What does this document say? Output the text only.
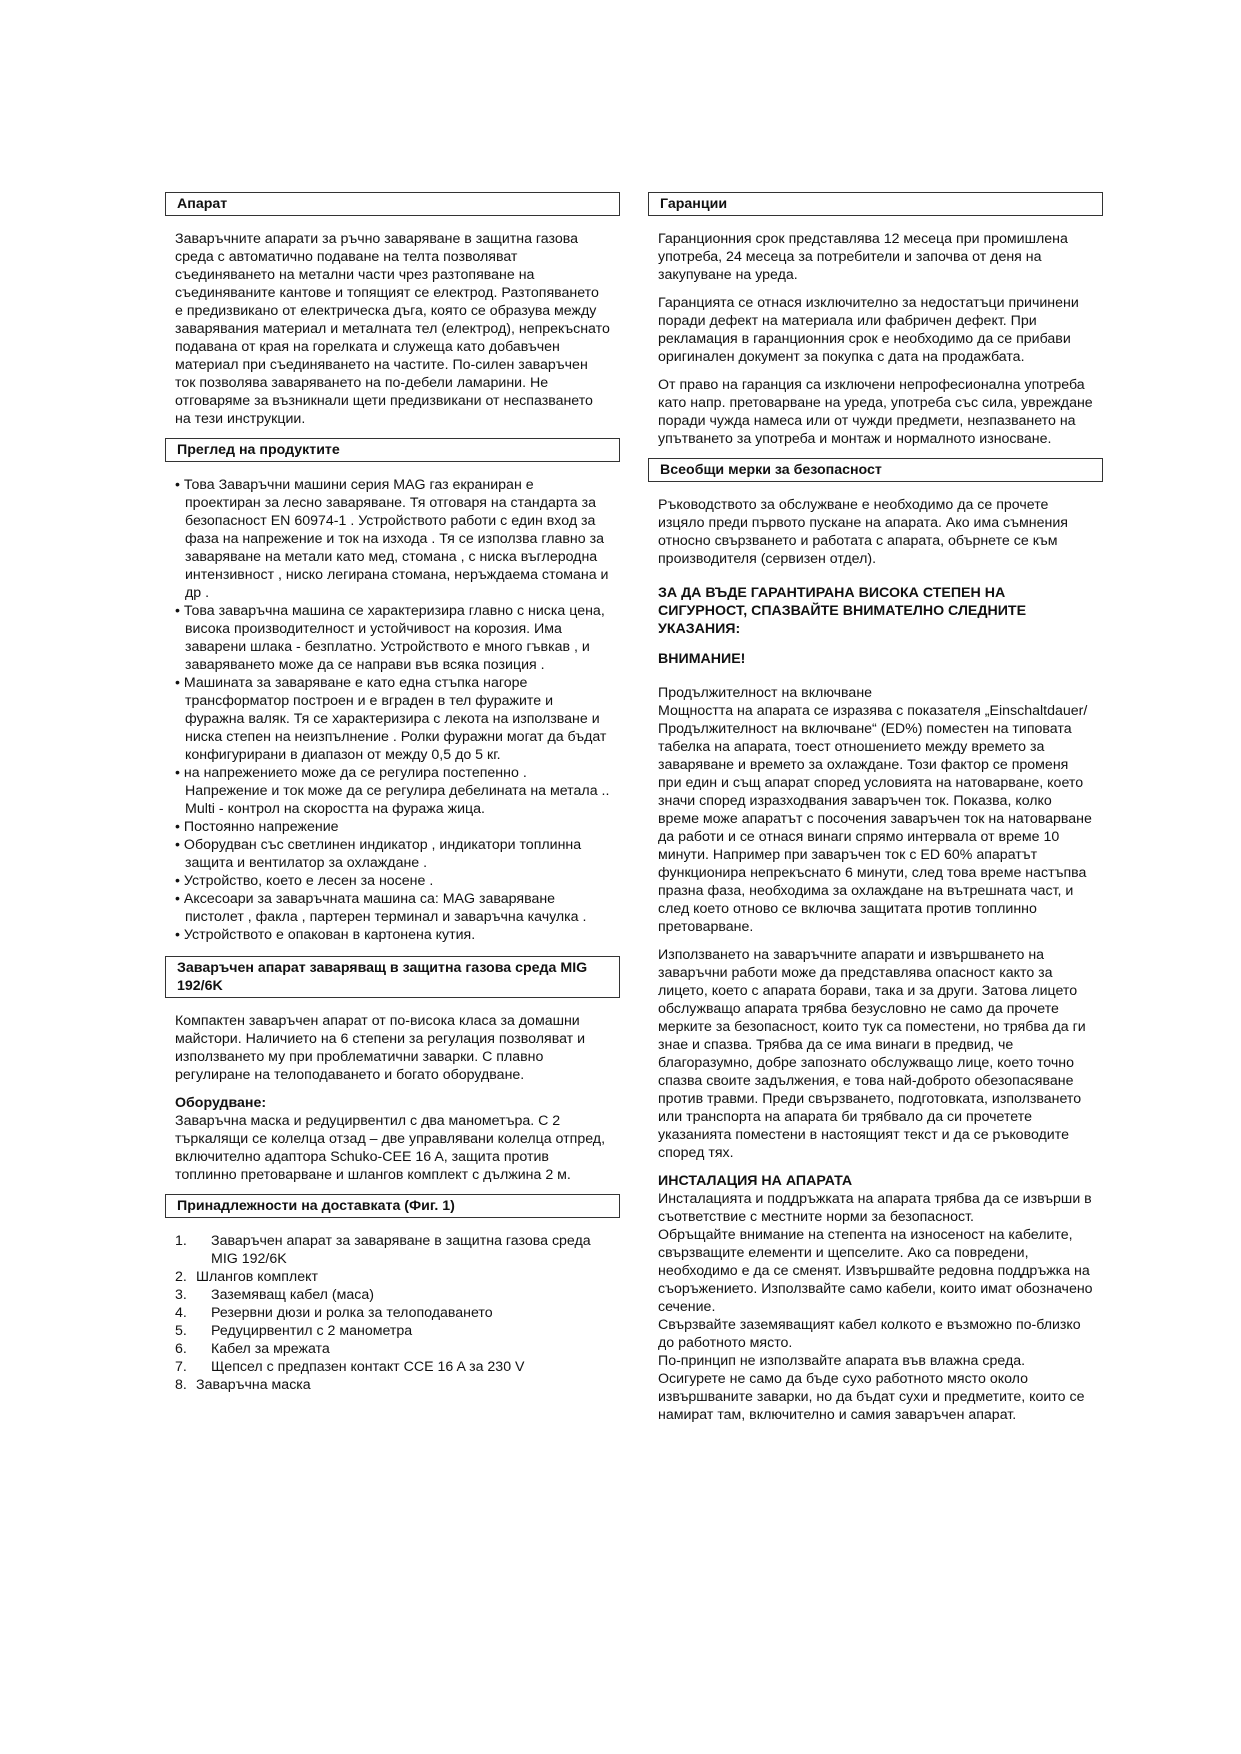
Апарат

Заваръчните апарати за ръчно заваряване в защитна газова среда с автоматично подаване на телта позволяват съединяването на метални части чрез разтопяване на съединяваните кантове и топящият се електрод. Разтопяването е предизвикано от електрическа дъга, която се образува между заварявания материал и металната тел (електрод), непрекъснато подавана от края на горелката и служеща като добавъчен материал при съединяването на частите. По-силен заваръчен ток позволява заваряването на по-дебели ламарини. Не отговаряме за възникнали щети предизвикани от неспазването на тези инструкции.

Преглед на продуктите
• Това Заваръчни машини серия MAG газ екраниран е проектиран за лесно заваряване. Тя отговаря на стандарта за безопасност EN 60974-1 . Устройството работи с един вход за фаза на напрежение и ток на изхода . Тя се използва главно за заваряване на метали като мед, стомана , с ниска въглеродна интензивност , ниско легирана стомана, неръждаема стомана и др .
• Това заваръчна машина се характеризира главно с ниска цена, висока производителност и устойчивост на корозия. Има заварени шлака - безплатно. Устройството е много гъвкав , и заваряването може да се направи във всяка позиция .
• Машината за заваряване е като една стъпка нагоре трансформатор построен и е вграден в тел фуражите и фуражна валяк. Тя се характеризира с лекота на използване и ниска степен на неизпълнение . Ролки фуражни могат да бъдат конфигурирани в диапазон от между 0,5 до 5 кг.
• на напрежението може да се регулира постепенно . Напрежение и ток може да се регулира дебелината на метала .. Multi - контрол на скоростта на фуража жица.
• Постоянно напрежение
• Оборудван със светлинен индикатор , индикатори топлинна защита и вентилатор за охлаждане .
• Устройство, което е лесен за носене .
• Аксесоари за заваръчната машина са: MAG заваряване пистолет , факла , партерен терминал и заваръчна качулка .
• Устройството е опакован в картонена кутия.
Заваръчен апарат заваряващ в защитна газова среда MIG 192/6K

Компактен заваръчен апарат от по-висока класа за домашни майстори. Наличието на 6 степени за регулация позволяват и използването му при проблематични заварки. С плавно регулиране на телоподаването и богато оборудване.

Оборудване:

Заваръчна маска и редуцирвентил с два манометъра. С 2 търкалящи се колелца отзад – две управлявани колелца отпред, включително адаптора Schuko-CEE 16 A, защита против топлинно претоварване и шлангов комплект с дължина 2 м.

Принадлежности на доставката (Фиг. 1)
1.	Заваръчен апарат за заваряване в защитна газова среда MIG 192/6K
2. Шлангов комплект
3.	Заземяващ кабел (маса)
4.	Резервни дюзи и ролка за телоподаването
5.	Редуцирвентил с 2 манометра
6.	Кабел за мрежата
7.	Щепсел с предпазен контакт CCE 16 A за 230 V
8. Заваръчна маска
Гаранции

Гаранционния срок представлява 12 месеца при промишлена употреба, 24 месеца за потребители и започва от деня на закупуване на уреда.

Гаранцията се отнася изключително за недостатъци причинени поради дефект на материала или фабричен дефект. При рекламация в гаранционния срок е необходимо да се прибави оригинален документ за покупка с дата на продажбата.

От право на гаранция са изключени непрофесионална употреба като напр. претоварване на уреда, употреба със сила, увреждане поради чужда намеса или от чужди предмети, незпазването на упътването за употреба и монтаж и нормалното износване.

Всеобщи мерки за безопасност

Ръководството за обслужване е необходимо да се прочете изцяло преди първото пускане на апарата. Ако има съмнения относно свързването и работата с апарата, обърнете се към производителя (сервизен отдел).

ЗА ДА ВЪДЕ ГАРАНТИРАНА ВИСОКА СТЕПЕН НА СИГУРНОСТ, СПАЗВАЙТЕ ВНИМАТЕЛНО СЛЕДНИТЕ УКАЗАНИЯ:

ВНИМАНИЕ!

Продължителност на включване

Мощността на апарата се изразява с показателя „Einschaltdauer/Продължителност на включване“ (ED%) поместен на типовата табелка на апарата, тоест отношението между времето за заваряване и времето за охлаждане. Този фактор се променя при един и същ апарат според условията на натоварване, което значи според изразходвания заваръчен ток. Показва, колко време може апаратът с посочения заваръчен ток на натоварване да работи и се отнася винаги спрямо интервала от време 10 минути. Например при заваръчен ток с ED 60% апаратът функционира непрекъснато 6 минути, след това време настъпва празна фаза, необходима за охлаждане на вътрешната част, и след което отново се включва защитата против топлинно претоварване.

Използването на заваръчните апарати и извършването на заваръчни работи може да представлява опасност както за лицето, което с апарата борави, така и за други. Затова лицето обслужващо апарата трябва безусловно не само да прочете мерките за безопасност, които тук са поместени, но трябва да ги знае и спазва. Трябва да се има винаги в предвид, че благоразумно, добре запознато обслужващо лице, което точно спазва своите задължения, е това най-доброто обезопасяване против травми. Преди свързването, подготовката, използването или транспорта на апарата би трябвало да си прочетете указанията поместени в настоящият текст и да се ръководите според тях.

ИНСТАЛАЦИЯ НА АПАРАТА

Инсталацията и поддръжката на апарата трябва да се извърши в съответствие с местните норми за безопасност.

Обръщайте внимание на степента на износеност на кабелите, свързващите елементи и щепселите. Ако са повредени, необходимо е да се сменят. Извършвайте редовна поддръжка на съоръжението. Използвайте само кабели, които имат обозначено сечение.

Свързвайте заземяващият кабел колкото е възможно по-близко до работното място.

По-принцип не използвайте апарата във влажна среда.

Осигурете не само да бъде сухо работното място около извършваните заварки, но да бъдат сухи и предметите, които се намират там, включително и самия заваръчен апарат.
